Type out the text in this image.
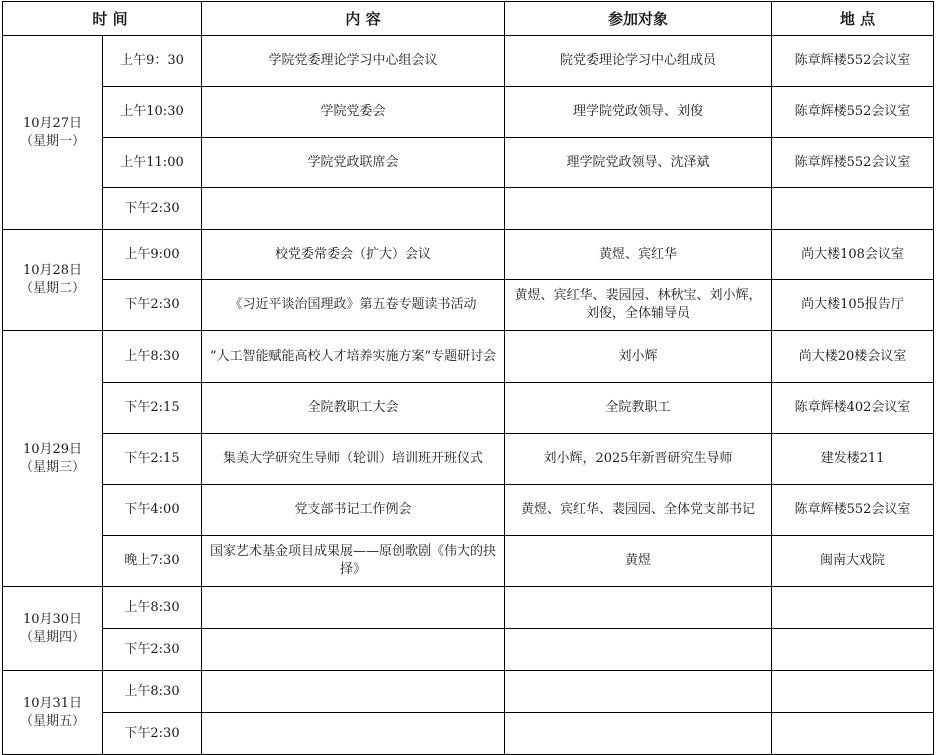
时 间		内 容	参加对象	地 点

10月27日
（星期一）	上午9：30	学院党委理论学习中心组会议	院党委理论学习中心组成员	陈章辉楼552会议室
	上午10:30	学院党委会	理学院党政领导、刘俊	陈章辉楼552会议室
	上午11:00	学院党政联席会	理学院党政领导、沈泽斌	陈章辉楼552会议室
	下午2:30			

10月28日
（星期二）	上午9:00	校党委常委会（扩大）会议	黄煜、宾红华	尚大楼108会议室
	下午2:30	《习近平谈治国理政》第五卷专题读书活动	黄煜、宾红华、裴园园、林秋宝、刘小辉，刘俊，全体辅导员	尚大楼105报告厅

10月29日
（星期三）	上午8:30	“人工智能赋能高校人才培养实施方案”专题研讨会	刘小辉	尚大楼20楼会议室
	下午2:15	全院教职工大会	全院教职工	陈章辉楼402会议室
	下午2:15	集美大学研究生导师（轮训）培训班开班仪式	刘小辉，2025年新晋研究生导师	建发楼211
	下午4:00	党支部书记工作例会	黄煜、宾红华、裴园园、全体党支部书记	陈章辉楼552会议室
	晚上7:30	国家艺术基金项目成果展——原创歌剧《伟大的抉择》	黄煜	闽南大戏院

10月30日
（星期四）	上午8:30			
	下午2:30			

10月31日
（星期五）	上午8:30			
	下午2:30			
